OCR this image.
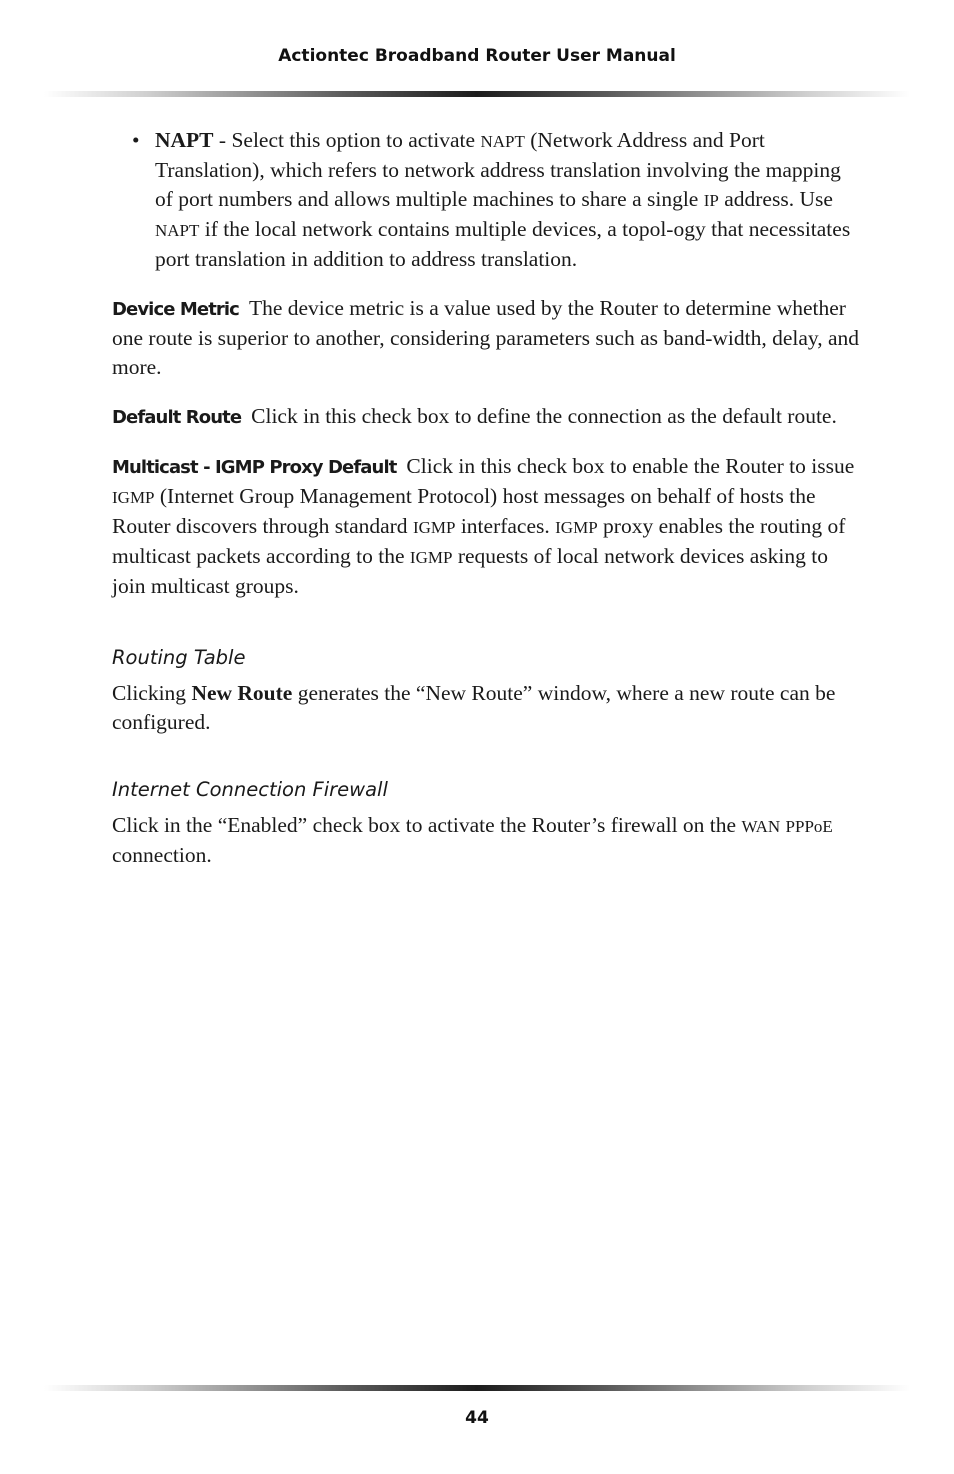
Actiontec Broadband Router User Manual
• NAPT - Select this option to activate NAPT (Network Address and Port Translation), which refers to network address translation involving the mapping of port numbers and allows multiple machines to share a single IP address. Use NAPT if the local network contains multiple devices, a topol-ogy that necessitates port translation in addition to address translation.

Device Metric The device metric is a value used by the Router to determine whether one route is superior to another, considering parameters such as band-width, delay, and more.

Default Route Click in this check box to define the connection as the default route.

Multicast - IGMP Proxy Default Click in this check box to enable the Router to issue IGMP (Internet Group Management Protocol) host messages on behalf of hosts the Router discovers through standard IGMP interfaces. IGMP proxy enables the routing of multicast packets according to the IGMP requests of local network devices asking to join multicast groups.

Routing Table

Clicking New Route generates the “New Route” window, where a new route can be configured.

Internet Connection Firewall

Click in the “Enabled” check box to activate the Router’s firewall on the WAN PPPoE connection.

44
